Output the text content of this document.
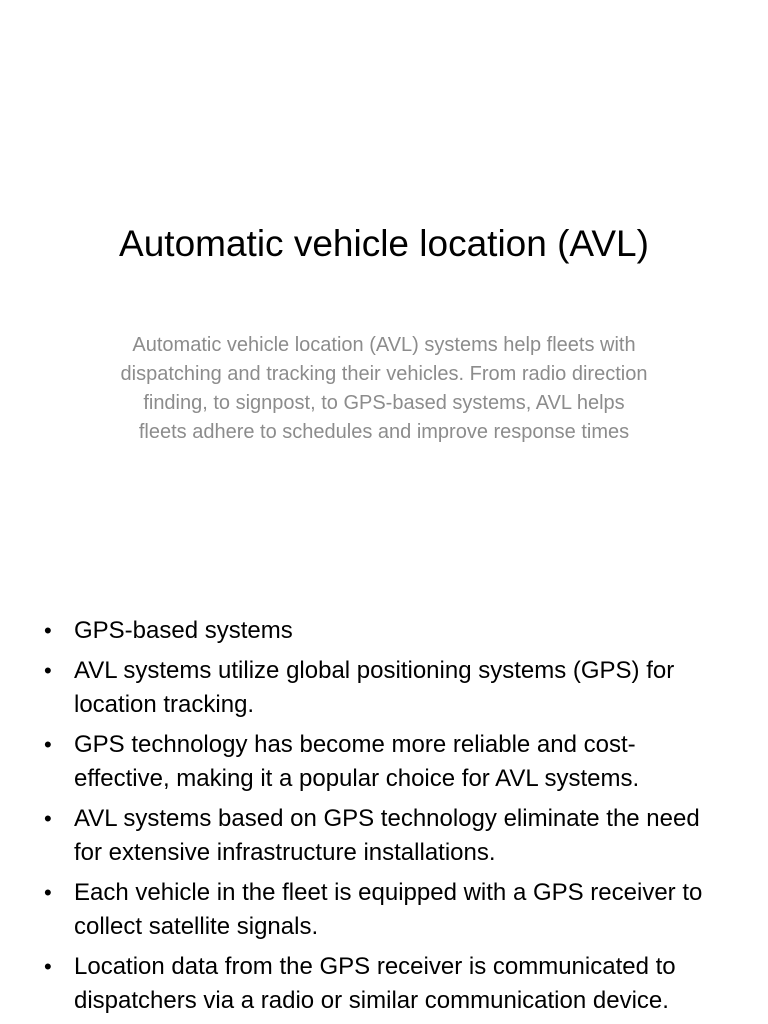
Automatic vehicle location (AVL)

Automatic vehicle location (AVL) systems help fleets with dispatching and tracking their vehicles. From radio direction finding, to signpost, to GPS-based systems, AVL helps fleets adhere to schedules and improve response times

• GPS-based systems
• AVL systems utilize global positioning systems (GPS) for location tracking.
• GPS technology has become more reliable and cost-effective, making it a popular choice for AVL systems.
• AVL systems based on GPS technology eliminate the need for extensive infrastructure installations.
• Each vehicle in the fleet is equipped with a GPS receiver to collect satellite signals.
• Location data from the GPS receiver is communicated to dispatchers via a radio or similar communication device.
